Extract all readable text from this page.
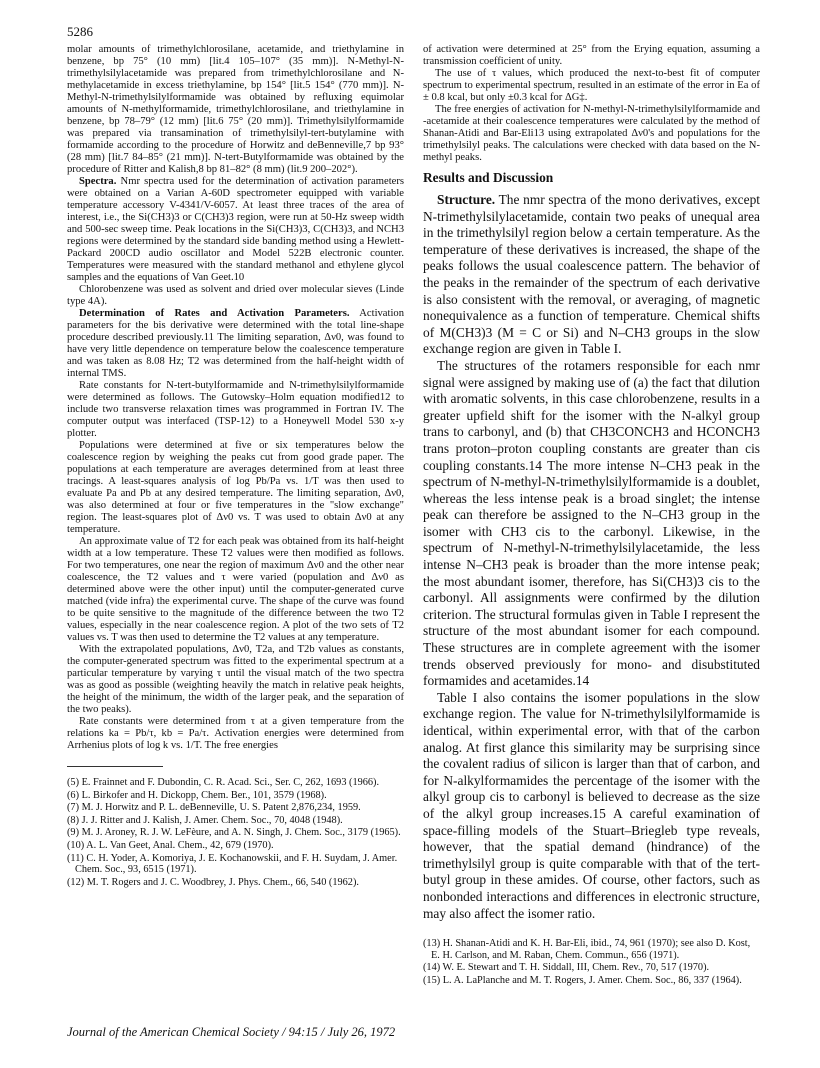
5286

molar amounts of trimethylchlorosilane, acetamide, and triethylamine in benzene, bp 75° (10 mm) [lit.4 105–107° (35 mm)]. N-Methyl-N-trimethylsilylacetamide was prepared from trimethylchlorosilane and N-methylacetamide in excess triethylamine, bp 154° [lit.5 154° (770 mm)]. N-Methyl-N-trimethylsilylformamide was obtained by refluxing equimolar amounts of N-methylformamide, trimethylchlorosilane, and triethylamine in benzene, bp 78–79° (12 mm) [lit.6 75° (20 mm)]. Trimethylsilylformamide was prepared via transamination of trimethylsilyl-tert-butylamine with formamide according to the procedure of Horwitz and deBenneville,7 bp 93° (28 mm) [lit.7 84–85° (21 mm)]. N-tert-Butylformamide was obtained by the procedure of Ritter and Kalish,8 bp 81–82° (8 mm) (lit.9 200–202°).

Spectra. Nmr spectra used for the determination of activation parameters were obtained on a Varian A-60D spectrometer equipped with variable temperature accessory V-4341/V-6057. At least three traces of the area of interest, i.e., the Si(CH3)3 or C(CH3)3 region, were run at 50-Hz sweep width and 500-sec sweep time. Peak locations in the Si(CH3)3, C(CH3)3, and NCH3 regions were determined by the standard side banding method using a Hewlett-Packard 200CD audio oscillator and Model 522B electronic counter. Temperatures were measured with the standard methanol and ethylene glycol samples and the equations of Van Geet.10

Chlorobenzene was used as solvent and dried over molecular sieves (Linde type 4A).

Determination of Rates and Activation Parameters. Activation parameters for the bis derivative were determined with the total line-shape procedure described previously.11 The limiting separation, Δν0, was found to have very little dependence on temperature below the coalescence temperature and was taken as 8.08 Hz; T2 was determined from the half-height width of internal TMS.

Rate constants for N-tert-butylformamide and N-trimethylsilylformamide were determined as follows. The Gutowsky–Holm equation modified12 to include two transverse relaxation times was programmed in Fortran IV. The computer output was interfaced (TSP-12) to a Honeywell Model 530 x-y plotter.

Populations were determined at five or six temperatures below the coalescence region by weighing the peaks cut from good grade paper. The populations at each temperature are averages determined from at least three tracings. A least-squares analysis of log Pb/Pa vs. 1/T was then used to evaluate Pa and Pb at any desired temperature. The limiting separation, Δν0, was also determined at four or five temperatures in the "slow exchange" region. The least-squares plot of Δν0 vs. T was used to obtain Δν0 at any temperature.

An approximate value of T2 for each peak was obtained from its half-height width at a low temperature. These T2 values were then modified as follows. For two temperatures, one near the region of maximum Δν0 and the other near coalescence, the T2 values and τ were varied (population and Δν0 as determined above were the other input) until the computer-generated curve matched (vide infra) the experimental curve. The shape of the curve was found to be quite sensitive to the magnitude of the difference between the two T2 values, especially in the near coalescence region. A plot of the two sets of T2 values vs. T was then used to determine the T2 values at any temperature.

With the extrapolated populations, Δν0, T2a, and T2b values as constants, the computer-generated spectrum was fitted to the experimental spectrum at a particular temperature by varying τ until the visual match of the two spectra was as good as possible (weighting heavily the match in relative peak heights, the height of the minimum, the width of the larger peak, and the separation of the two peaks).

Rate constants were determined from τ at a given temperature from the relations ka = Pb/τ, kb = Pa/τ. Activation energies were determined from Arrhenius plots of log k vs. 1/T. The free energies

(5) E. Frainnet and F. Dubondin, C. R. Acad. Sci., Ser. C, 262, 1693 (1966).

(6) L. Birkofer and H. Dickopp, Chem. Ber., 101, 3579 (1968).

(7) M. J. Horwitz and P. L. deBenneville, U. S. Patent 2,876,234, 1959.

(8) J. J. Ritter and J. Kalish, J. Amer. Chem. Soc., 70, 4048 (1948).

(9) M. J. Aroney, R. J. W. LeFèure, and A. N. Singh, J. Chem. Soc., 3179 (1965).

(10) A. L. Van Geet, Anal. Chem., 42, 679 (1970).

(11) C. H. Yoder, A. Komoriya, J. E. Kochanowskii, and F. H. Suydam, J. Amer. Chem. Soc., 93, 6515 (1971).

(12) M. T. Rogers and J. C. Woodbrey, J. Phys. Chem., 66, 540 (1962).

of activation were determined at 25° from the Erying equation, assuming a transmission coefficient of unity.

The use of τ values, which produced the next-to-best fit of computer spectrum to experimental spectrum, resulted in an estimate of the error in Ea of ± 0.8 kcal, but only ±0.3 kcal for ΔG‡.

The free energies of activation for N-methyl-N-trimethylsilylformamide and -acetamide at their coalescence temperatures were calculated by the method of Shanan-Atidi and Bar-Eli13 using extrapolated Δν0's and populations for the trimethylsilyl peaks. The calculations were checked with data based on the N-methyl peaks.

Results and Discussion

Structure. The nmr spectra of the mono derivatives, except N-trimethylsilylacetamide, contain two peaks of unequal area in the trimethylsilyl region below a certain temperature. As the temperature of these derivatives is increased, the shape of the peaks follows the usual coalescence pattern. The behavior of the peaks in the remainder of the spectrum of each derivative is also consistent with the removal, or averaging, of magnetic nonequivalence as a function of temperature. Chemical shifts of M(CH3)3 (M = C or Si) and N–CH3 groups in the slow exchange region are given in Table I.

The structures of the rotamers responsible for each nmr signal were assigned by making use of (a) the fact that dilution with aromatic solvents, in this case chlorobenzene, results in a greater upfield shift for the isomer with the N-alkyl group trans to carbonyl, and (b) that CH3CONCH3 and HCONCH3 trans proton–proton coupling constants are greater than cis coupling constants.14 The more intense N–CH3 peak in the spectrum of N-methyl-N-trimethylsilylformamide is a doublet, whereas the less intense peak is a broad singlet; the intense peak can therefore be assigned to the N–CH3 group in the isomer with CH3 cis to the carbonyl. Likewise, in the spectrum of N-methyl-N-trimethylsilylacetamide, the less intense N–CH3 peak is broader than the more intense peak; the most abundant isomer, therefore, has Si(CH3)3 cis to the carbonyl. All assignments were confirmed by the dilution criterion. The structural formulas given in Table I represent the structure of the most abundant isomer for each compound. These structures are in complete agreement with the isomer trends observed previously for mono- and disubstituted formamides and acetamides.14

Table I also contains the isomer populations in the slow exchange region. The value for N-trimethylsilylformamide is identical, within experimental error, with that of the carbon analog. At first glance this similarity may be surprising since the covalent radius of silicon is larger than that of carbon, and for N-alkylformamides the percentage of the isomer with the alkyl group cis to carbonyl is believed to decrease as the size of the alkyl group increases.15 A careful examination of space-filling models of the Stuart–Briegleb type reveals, however, that the spatial demand (hindrance) of the trimethylsilyl group is quite comparable with that of the tert-butyl group in these amides. Of course, other factors, such as nonbonded interactions and differences in electronic structure, may also affect the isomer ratio.

(13) H. Shanan-Atidi and K. H. Bar-Eli, ibid., 74, 961 (1970); see also D. Kost, E. H. Carlson, and M. Raban, Chem. Commun., 656 (1971).

(14) W. E. Stewart and T. H. Siddall, III, Chem. Rev., 70, 517 (1970).

(15) L. A. LaPlanche and M. T. Rogers, J. Amer. Chem. Soc., 86, 337 (1964).

Journal of the American Chemical Society / 94:15 / July 26, 1972
